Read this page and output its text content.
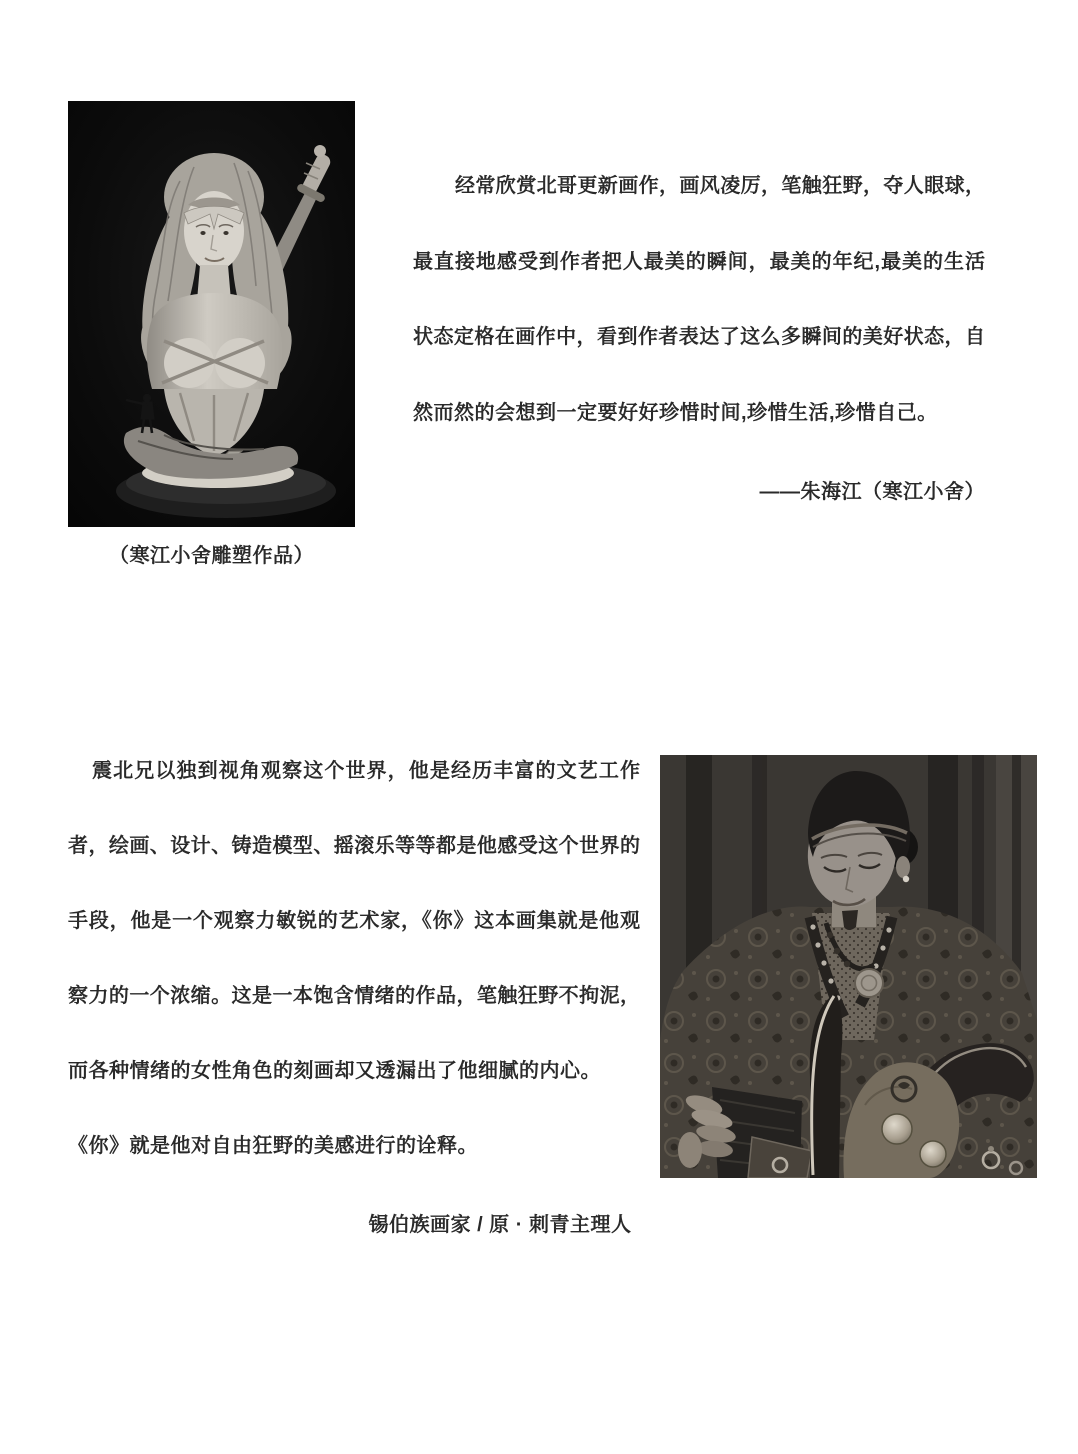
（寒江小舍雕塑作品）
经常欣赏北哥更新画作，画风凌厉，笔触狂野，夺人眼球，
最直接地感受到作者把人最美的瞬间，最美的年纪,最美的生活
状态定格在画作中，看到作者表达了这么多瞬间的美好状态，自
然而然的会想到一定要好好珍惜时间,珍惜生活,珍惜自己。
——朱海江（寒江小舍）
震北兄以独到视角观察这个世界，他是经历丰富的文艺工作
者，绘画、设计、铸造模型、摇滚乐等等都是他感受这个世界的
手段，他是一个观察力敏锐的艺术家，《你》这本画集就是他观
察力的一个浓缩。这是一本饱含情绪的作品，笔触狂野不拘泥，
而各种情绪的女性角色的刻画却又透漏出了他细腻的内心。
《你》就是他对自由狂野的美感进行的诠释。
锡伯族画家 / 原 · 刺青主理人
